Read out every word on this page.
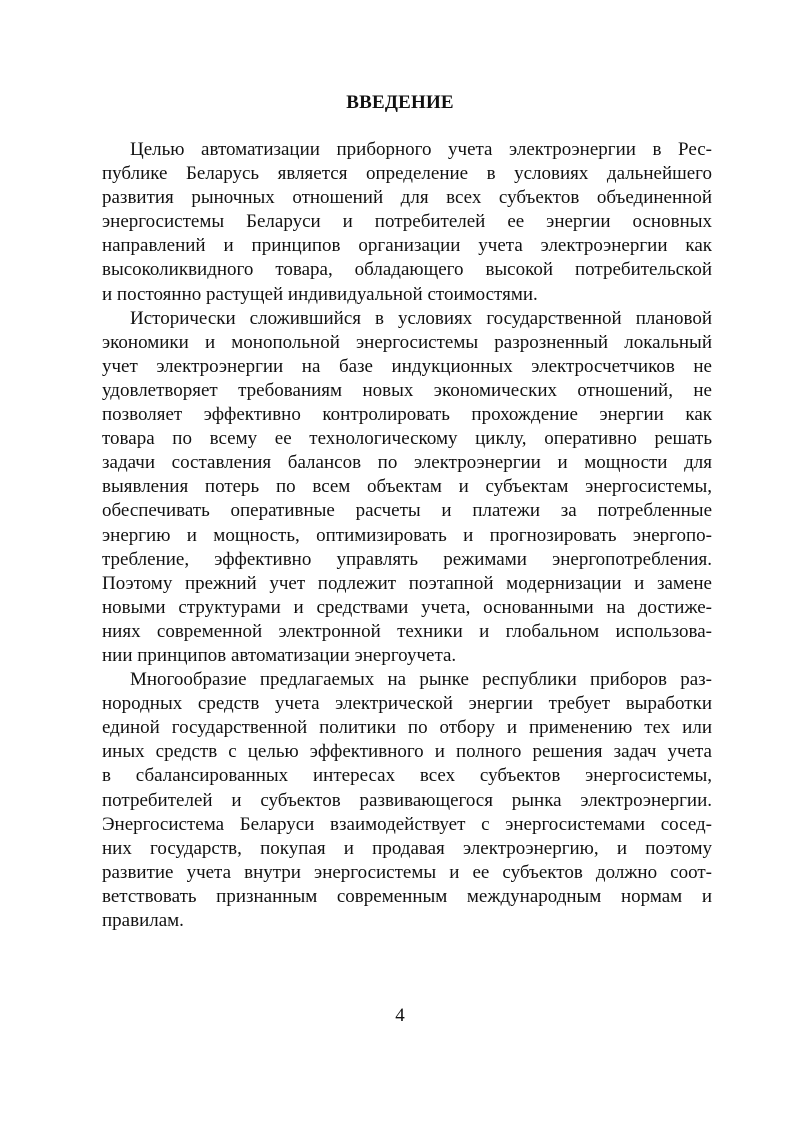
ВВЕДЕНИЕ
Целью автоматизации приборного учета электроэнергии в Рес-
публике Беларусь является определение в условиях дальнейшего
развития рыночных отношений для всех субъектов объединенной
энергосистемы Беларуси и потребителей ее энергии основных
направлений и принципов организации учета электроэнергии как
высоколиквидного товара, обладающего высокой потребительской
и постоянно растущей индивидуальной стоимостями.
Исторически сложившийся в условиях государственной плановой
экономики и монопольной энергосистемы разрозненный локальный
учет электроэнергии на базе индукционных электросчетчиков не
удовлетворяет требованиям новых экономических отношений, не
позволяет эффективно контролировать прохождение энергии как
товара по всему ее технологическому циклу, оперативно решать
задачи составления балансов по электроэнергии и мощности для
выявления потерь по всем объектам и субъектам энергосистемы,
обеспечивать оперативные расчеты и платежи за потребленные
энергию и мощность, оптимизировать и прогнозировать энергопо-
требление, эффективно управлять режимами энергопотребления.
Поэтому прежний учет подлежит поэтапной модернизации и замене
новыми структурами и средствами учета, основанными на достиже-
ниях современной электронной техники и глобальном использова-
нии принципов автоматизации энергоучета.
Многообразие предлагаемых на рынке республики приборов раз-
нородных средств учета электрической энергии требует выработки
единой государственной политики по отбору и применению тех или
иных средств с целью эффективного и полного решения задач учета
в сбалансированных интересах всех субъектов энергосистемы,
потребителей и субъектов развивающегося рынка электроэнергии.
Энергосистема Беларуси взаимодействует с энергосистемами сосед-
них государств, покупая и продавая электроэнергию, и поэтому
развитие учета внутри энергосистемы и ее субъектов должно соот-
ветствовать признанным современным международным нормам и
правилам.
4
